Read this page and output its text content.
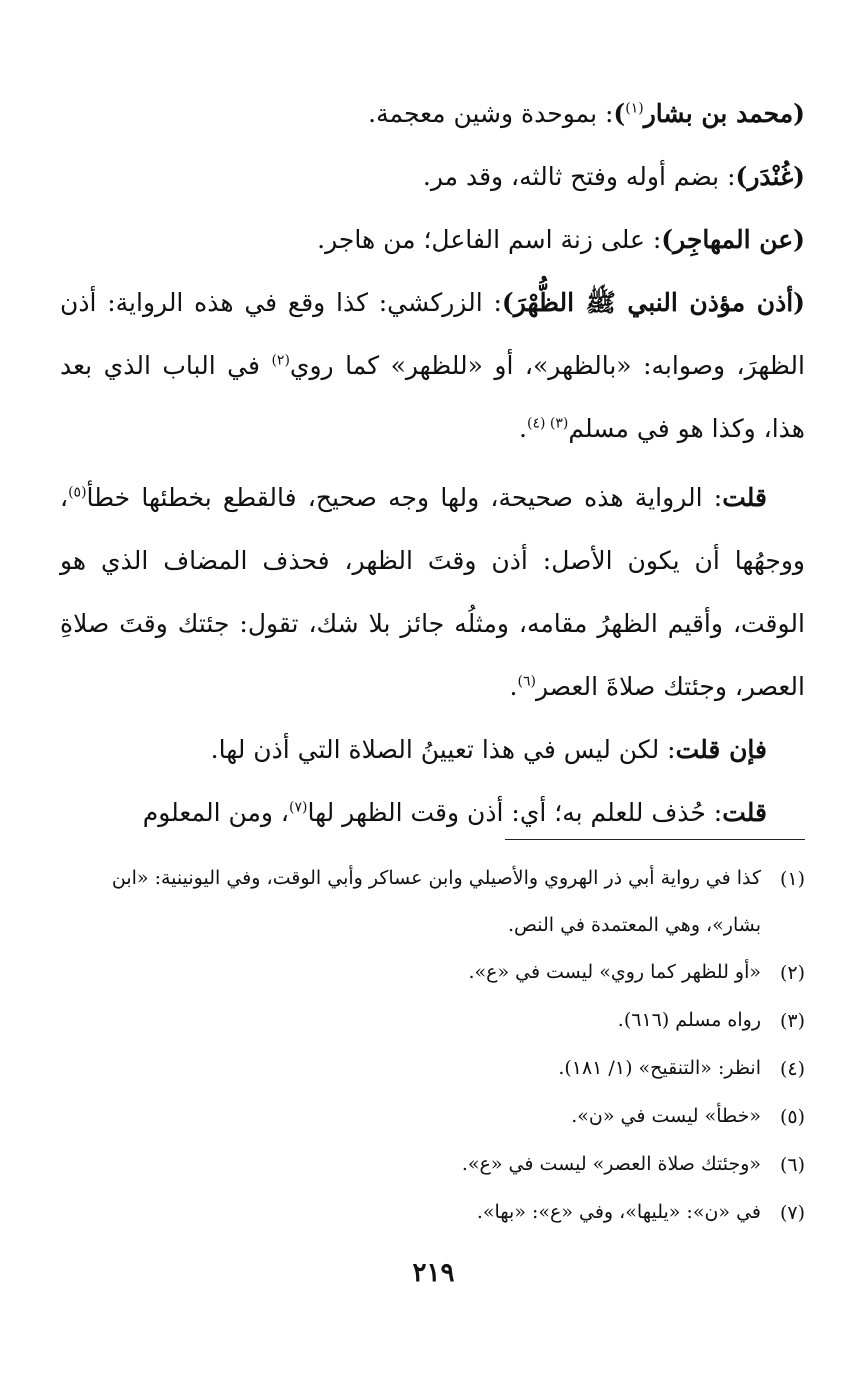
(محمد بن بشار$^{(١)}$): بموحدة وشين معجمة.

(غُنْدَر): بضم أوله وفتح ثالثه، وقد مر.

(عن المهاجِر): على زنة اسم الفاعل؛ من هاجر.

(أذن مؤذن النبي ﷺ الظُّهْرَ): الزركشي: كذا وقع في هذه الرواية: أذن الظهرَ، وصوابه: «بالظهر»، أو «للظهر» كما روي$^{(٢)}$ في الباب الذي بعد هذا، وكذا هو في مسلم$^{(٣) (٤)}$.

قلت: الرواية هذه صحيحة، ولها وجه صحيح، فالقطع بخطئها خطأ$^{(٥)}$، ووجهُها أن يكون الأصل: أذن وقتَ الظهر، فحذف المضاف الذي هو الوقت، وأقيم الظهرُ مقامه، ومثلُه جائز بلا شك، تقول: جئتك وقتَ صلاةِ العصر، وجئتك صلاةَ العصر$^{(٦)}$.

فإن قلت: لكن ليس في هذا تعيينُ الصلاة التي أذن لها.

قلت: حُذف للعلم به؛ أي: أذن وقت الظهر لها$^{(٧)}$، ومن المعلوم

(١)
كذا في رواية أبي ذر الهروي والأصيلي وابن عساكر وأبي الوقت، وفي اليونينية: «ابن بشار»، وهي المعتمدة في النص.
(٢)
«أو للظهر كما روي» ليست في «ع».
(٣)
رواه مسلم (٦١٦).
(٤)
انظر: «التنقيح» (١/ ١٨١).
(٥)
«خطأ» ليست في «ن».
(٦)
«وجئتك صلاة العصر» ليست في «ع».
(٧)
في «ن»: «يليها»، وفي «ع»: «بها».
٢١٩
